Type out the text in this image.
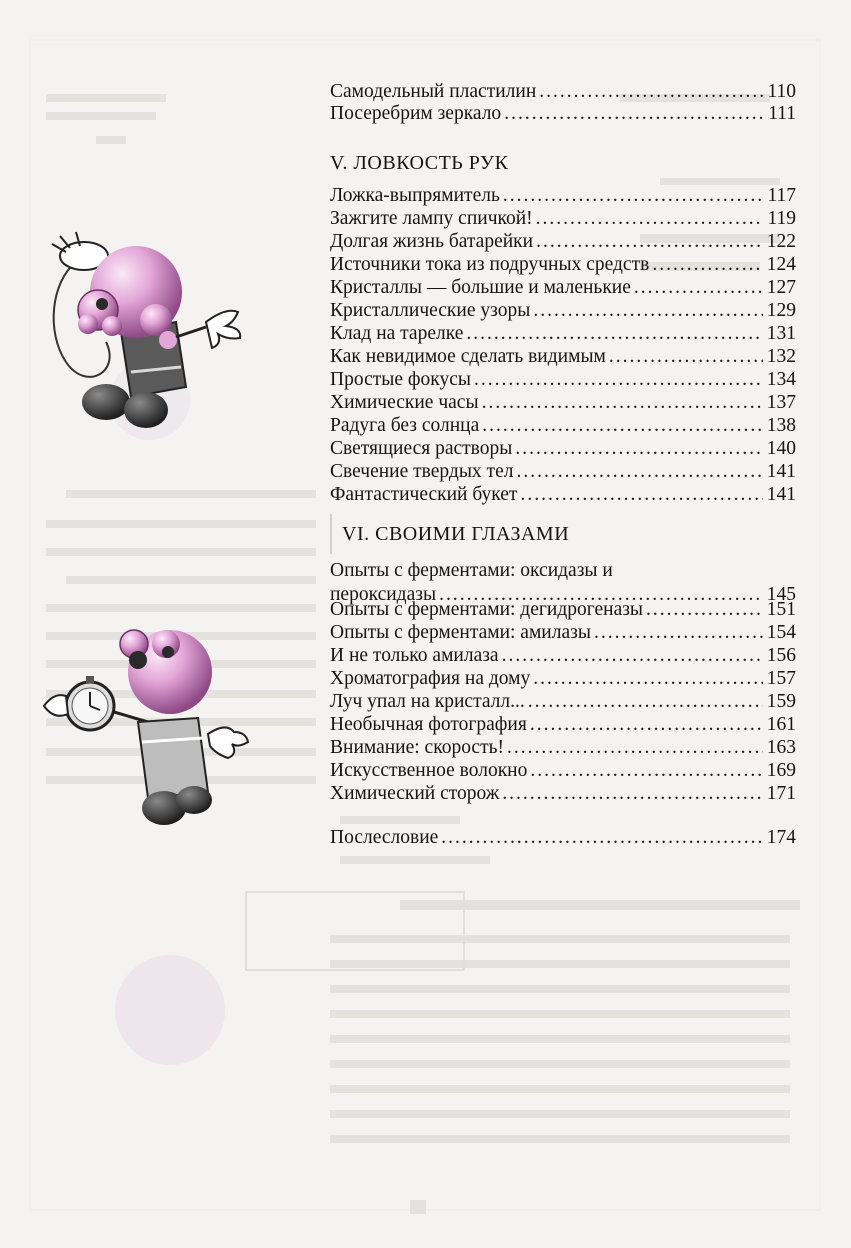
Самодельный пластилин .....	110
Посеребрим зеркало .....	111
V. ЛОВКОСТЬ РУК
Ложка-выпрямитель .....	117
Зажгите лампу спичкой! .....	119
Долгая жизнь батарейки .....	122
Источники тока из подручных средств .....	124
Кристаллы — большие и маленькие .....	127
Кристаллические узоры .....	129
Клад на тарелке .....	131
Как невидимое сделать видимым .....	132
Простые фокусы .....	134
Химические часы .....	137
Радуга без солнца .....	138
Светящиеся растворы .....	140
Свечение твердых тел .....	141
Фантастический букет .....	141
VI. СВОИМИ ГЛАЗАМИ
Опыты с ферментами: оксидазы и
пероксидазы .....	145
Опыты с ферментами: дегидрогеназы .....	151
Опыты с ферментами: амилазы .....	154
И не только амилаза .....	156
Хроматография на дому .....	157
Луч упал на кристалл... .....	159
Необычная фотография .....	161
Внимание: скорость! .....	163
Искусственное волокно .....	169
Химический сторож .....	171
Послесловие .....	174
